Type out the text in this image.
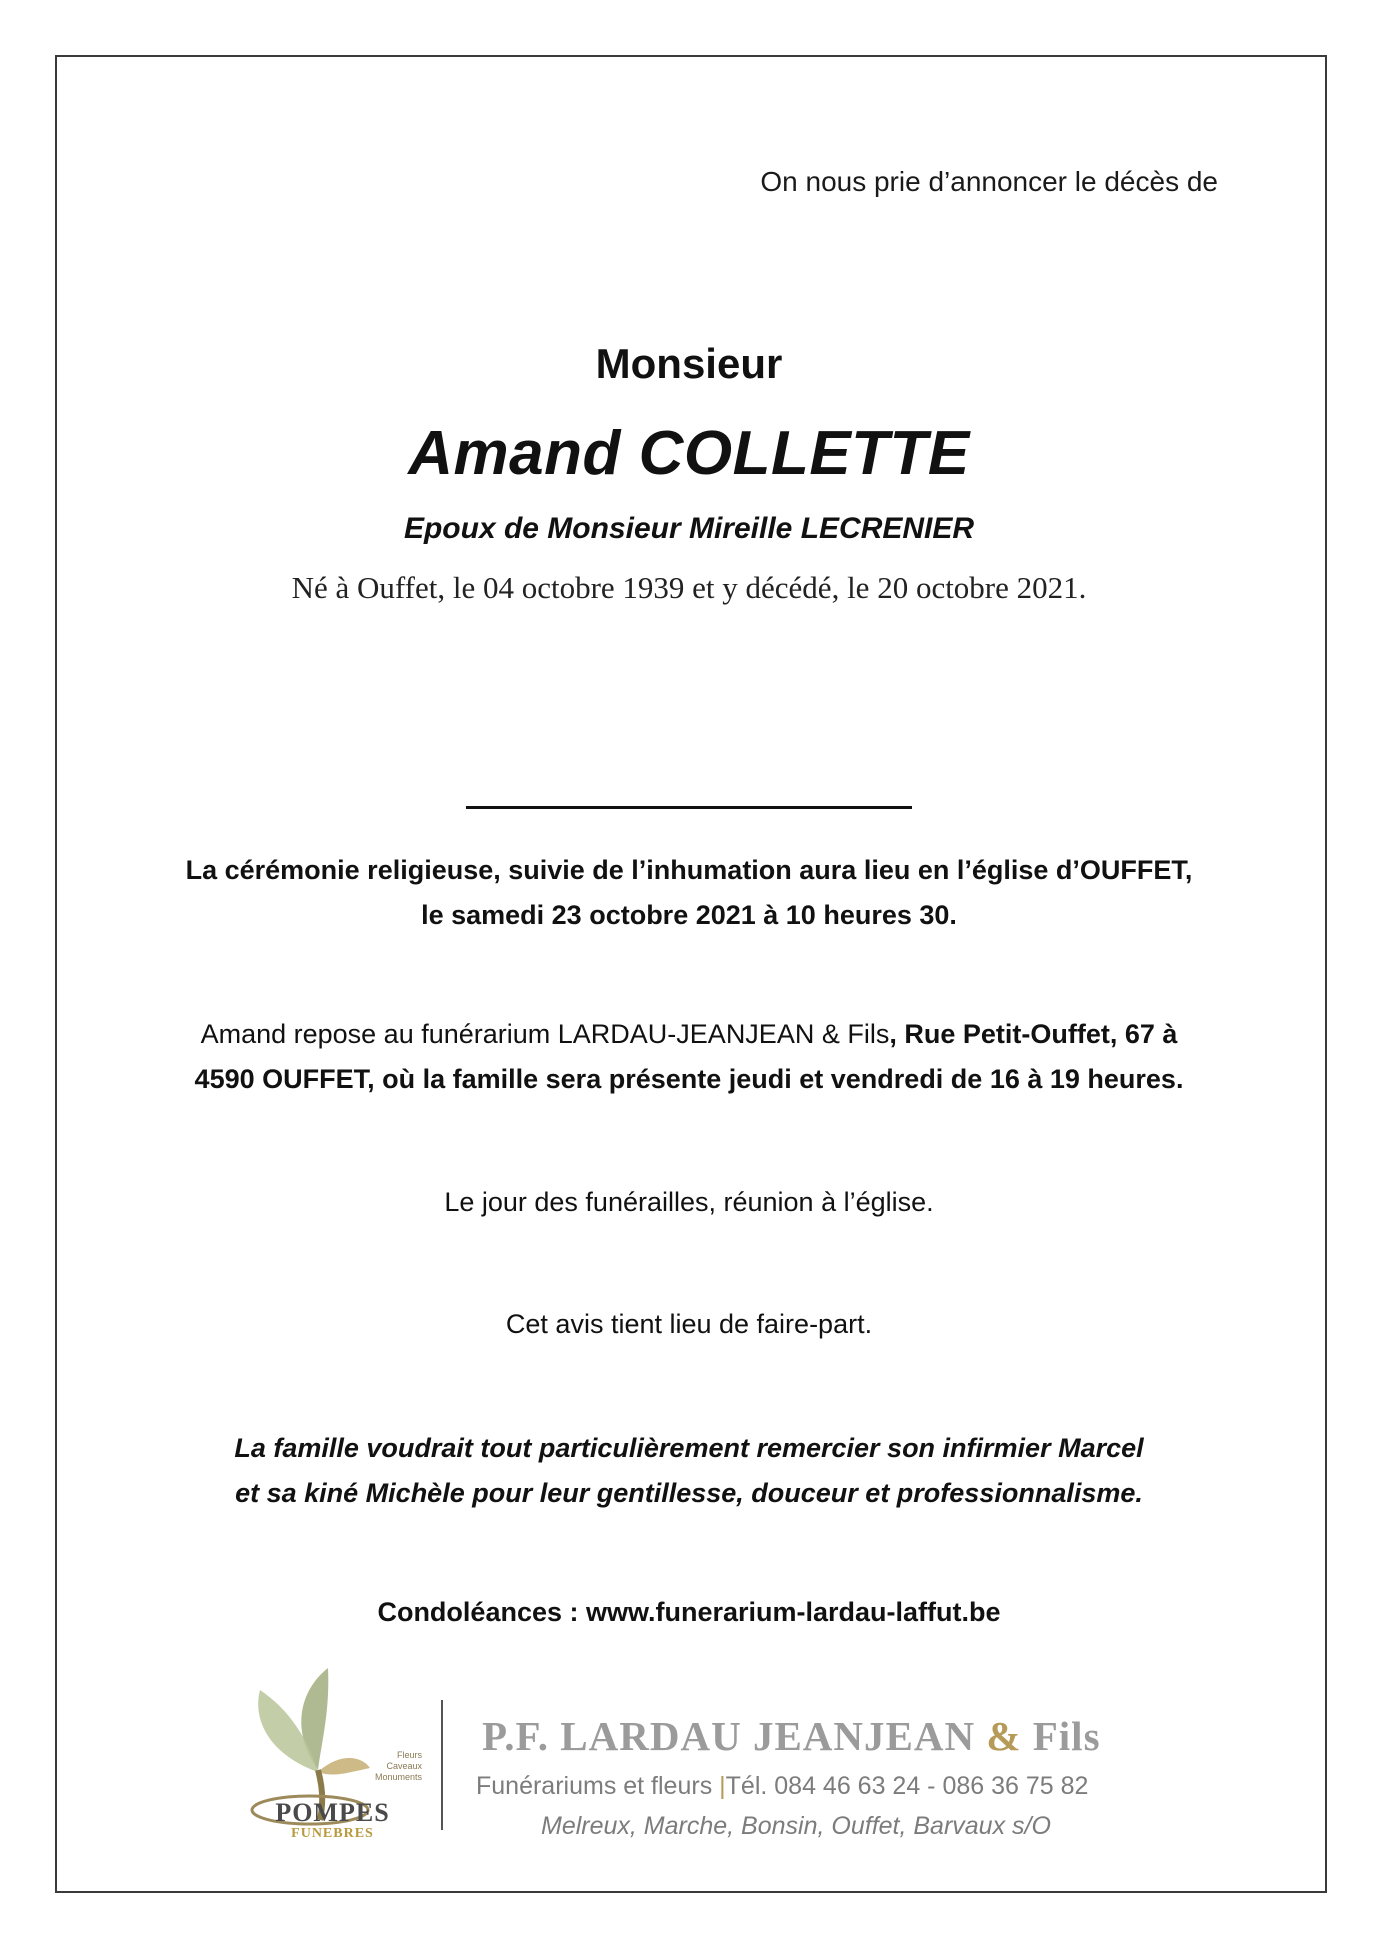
On nous prie d’annoncer le décès de
Monsieur
Amand COLLETTE
Epoux de Monsieur Mireille LECRENIER
Né à Ouffet, le 04 octobre 1939 et y décédé, le 20 octobre 2021.
La cérémonie religieuse, suivie de l’inhumation aura lieu en l’église d’OUFFET,
le samedi 23 octobre 2021 à 10 heures 30.
Amand repose au funérarium LARDAU-JEANJEAN & Fils, Rue Petit-Ouffet, 67 à
4590 OUFFET, où la famille sera présente jeudi et vendredi de 16 à 19 heures.
Le jour des funérailles, réunion à l’église.
Cet avis tient lieu de faire-part.
La famille voudrait tout particulièrement remercier son infirmier Marcel
et sa kiné Michèle pour leur gentillesse, douceur et professionnalisme.
Condoléances : www.funerarium-lardau-laffut.be
Fleurs
Caveaux
Monuments
POMPES
FUNEBRES
P.F. LARDAU JEANJEAN & Fils
Funérariums et fleurs |Tél. 084 46 63 24 - 086 36 75 82
Melreux, Marche, Bonsin, Ouffet, Barvaux s/O
